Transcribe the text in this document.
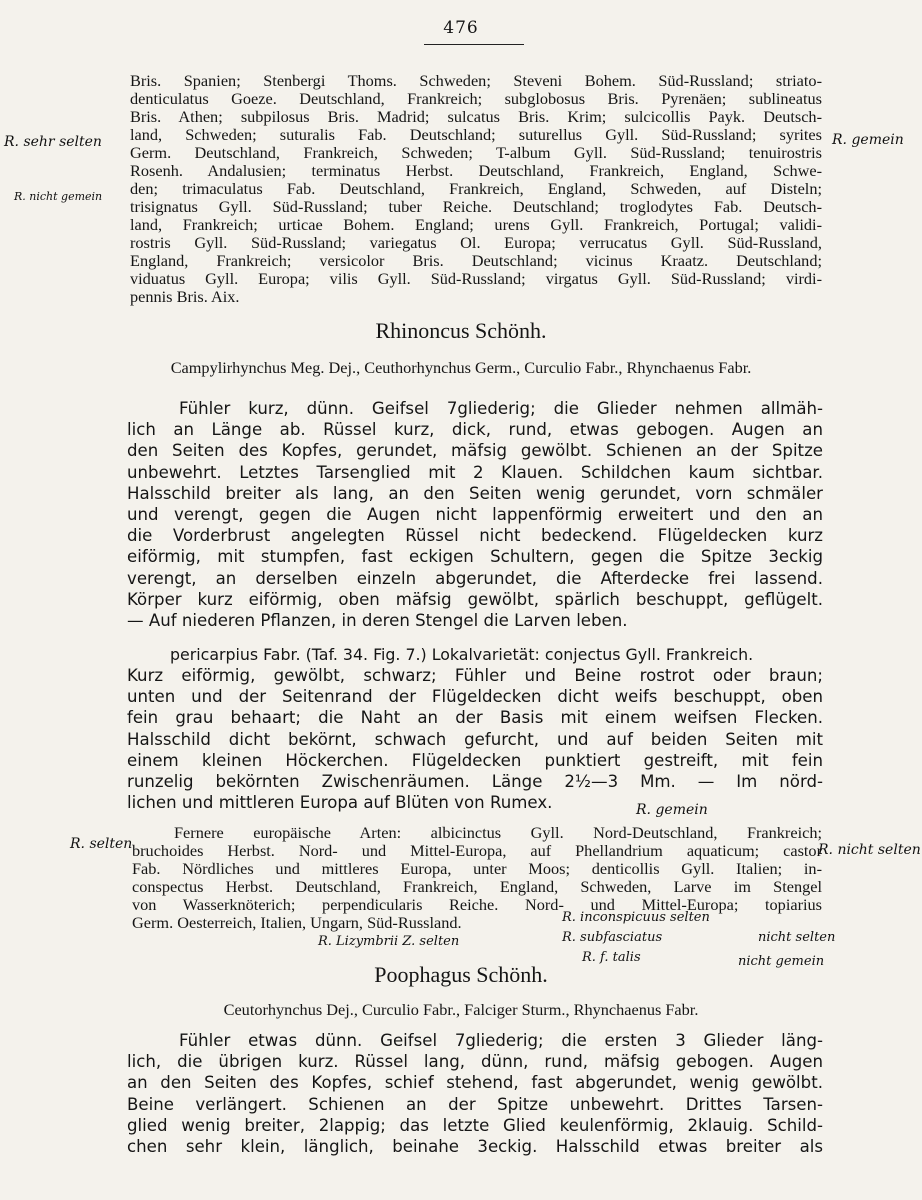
476
Bris. Spanien; Stenbergi Thoms. Schweden; Steveni Bohem. Süd-Russland; striato-
denticulatus Goeze. Deutschland, Frankreich; subglobosus Bris. Pyrenäen; sublineatus
Bris. Athen; subpilosus Bris. Madrid; sulcatus Bris. Krim; sulcicollis Payk. Deutsch-
land, Schweden; suturalis Fab. Deutschland; suturellus Gyll. Süd-Russland; syrites
Germ. Deutschland, Frankreich, Schweden; T-album Gyll. Süd-Russland; tenuirostris
Rosenh. Andalusien; terminatus Herbst. Deutschland, Frankreich, England, Schwe-
den; trimaculatus Fab. Deutschland, Frankreich, England, Schweden, auf Disteln;
trisignatus Gyll. Süd-Russland; tuber Reiche. Deutschland; troglodytes Fab. Deutsch-
land, Frankreich; urticae Bohem. England; urens Gyll. Frankreich, Portugal; validi-
rostris Gyll. Süd-Russland; variegatus Ol. Europa; verrucatus Gyll. Süd-Russland,
England, Frankreich; versicolor Bris. Deutschland; vicinus Kraatz. Deutschland;
viduatus Gyll. Europa; vilis Gyll. Süd-Russland; virgatus Gyll. Süd-Russland; virdi-
pennis Bris. Aix.
Rhinoncus Schönh.
Campylirhynchus Meg. Dej., Ceuthorhynchus Germ., Curculio Fabr., Rhynchaenus Fabr.
Fühler kurz, dünn. Geifsel 7gliederig; die Glieder nehmen allmäh-
lich an Länge ab. Rüssel kurz, dick, rund, etwas gebogen. Augen an
den Seiten des Kopfes, gerundet, mäfsig gewölbt. Schienen an der Spitze
unbewehrt. Letztes Tarsenglied mit 2 Klauen. Schildchen kaum sichtbar.
Halsschild breiter als lang, an den Seiten wenig gerundet, vorn schmäler
und verengt, gegen die Augen nicht lappenförmig erweitert und den an
die Vorderbrust angelegten Rüssel nicht bedeckend. Flügeldecken kurz
eiförmig, mit stumpfen, fast eckigen Schultern, gegen die Spitze 3eckig
verengt, an derselben einzeln abgerundet, die Afterdecke frei lassend.
Körper kurz eiförmig, oben mäfsig gewölbt, spärlich beschuppt, geflügelt.
— Auf niederen Pflanzen, in deren Stengel die Larven leben.
pericarpius Fabr. (Taf. 34. Fig. 7.) Lokalvarietät: conjectus Gyll. Frankreich.
Kurz eiförmig, gewölbt, schwarz; Fühler und Beine rostrot oder braun;
unten und der Seitenrand der Flügeldecken dicht weifs beschuppt, oben
fein grau behaart; die Naht an der Basis mit einem weifsen Flecken.
Halsschild dicht bekörnt, schwach gefurcht, und auf beiden Seiten mit
einem kleinen Höckerchen. Flügeldecken punktiert gestreift, mit fein
runzelig bekörnten Zwischenräumen. Länge 2½—3 Mm. — Im nörd-
lichen und mittleren Europa auf Blüten von Rumex.
Fernere europäische Arten: albicinctus Gyll. Nord-Deutschland, Frankreich;
bruchoides Herbst. Nord- und Mittel-Europa, auf Phellandrium aquaticum; castor
Fab. Nördliches und mittleres Europa, unter Moos; denticollis Gyll. Italien; in-
conspectus Herbst. Deutschland, Frankreich, England, Schweden, Larve im Stengel
von Wasserknöterich; perpendicularis Reiche. Nord- und Mittel-Europa; topiarius
Germ. Oesterreich, Italien, Ungarn, Süd-Russland.
Poophagus Schönh.
Ceutorhynchus Dej., Curculio Fabr., Falciger Sturm., Rhynchaenus Fabr.
Fühler etwas dünn. Geifsel 7gliederig; die ersten 3 Glieder läng-
lich, die übrigen kurz. Rüssel lang, dünn, rund, mäfsig gebogen. Augen
an den Seiten des Kopfes, schief stehend, fast abgerundet, wenig gewölbt.
Beine verlängert. Schienen an der Spitze unbewehrt. Drittes Tarsen-
glied wenig breiter, 2lappig; das letzte Glied keulenförmig, 2klauig. Schild-
chen sehr klein, länglich, beinahe 3eckig. Halsschild etwas breiter als
R. sehr selten	R. gemein
R. nicht gemein
R. gemein
R. selten	R. nicht selten
R. inconspicuus selten
R. subfasciatus
R. Lizymbrii Z. selten
R. f. talis
nicht selten
nicht gemein
